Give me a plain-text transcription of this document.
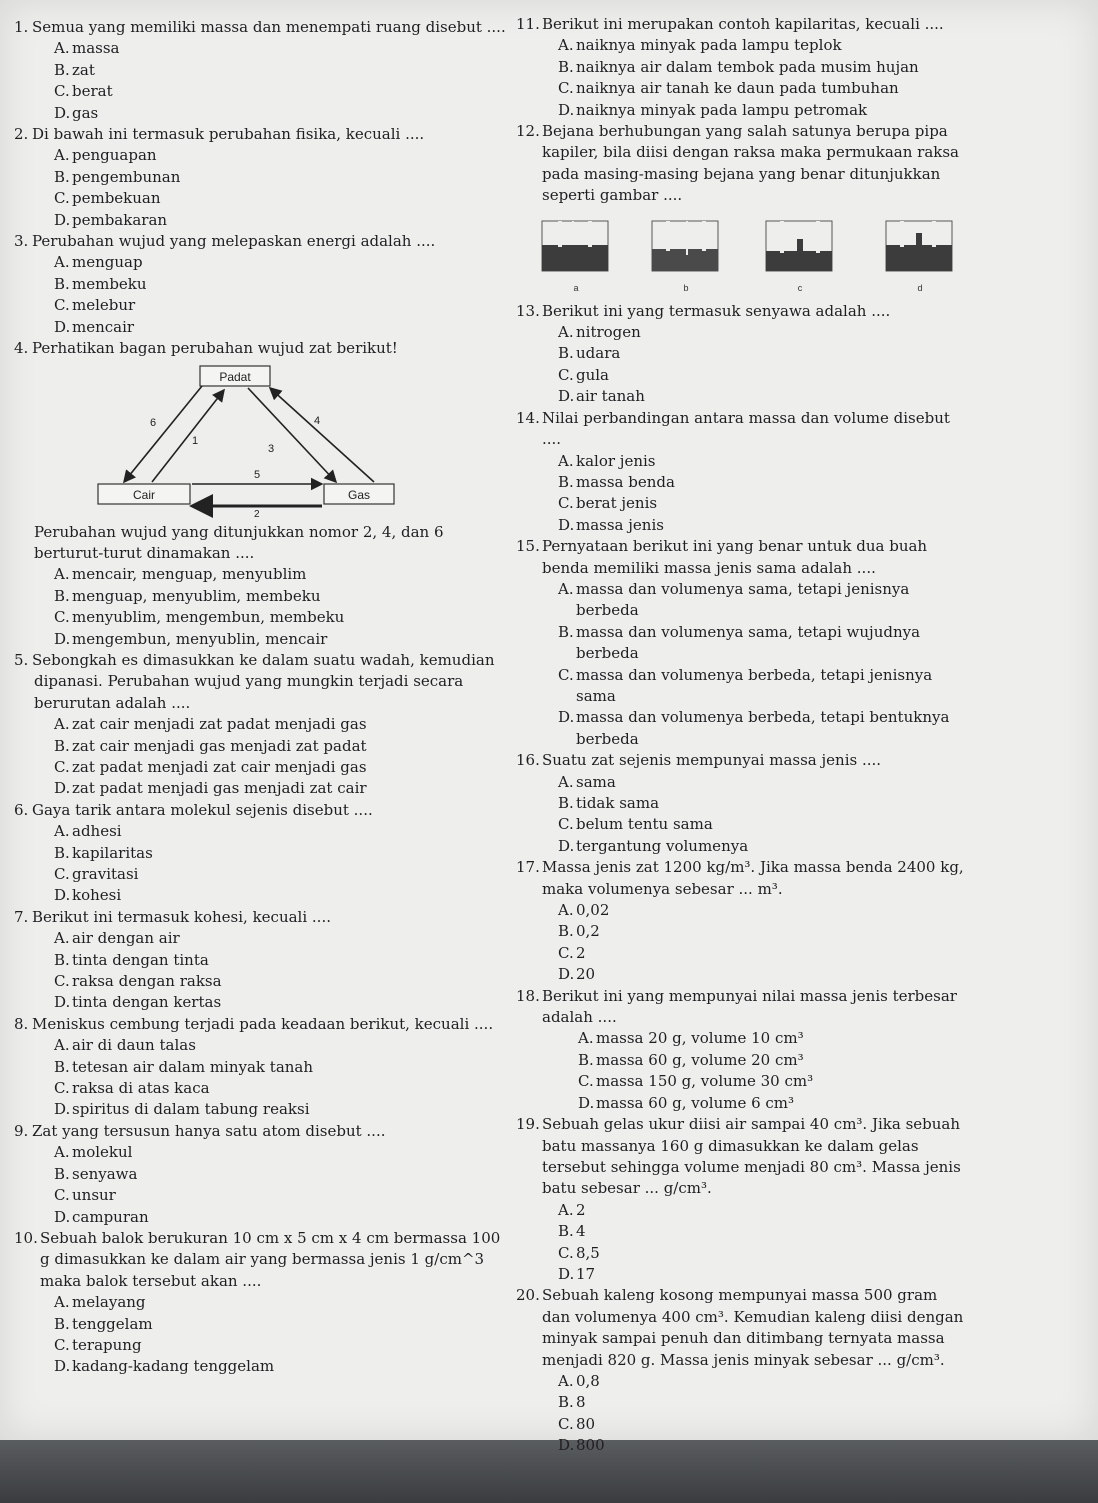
1. Semua yang memiliki massa dan menempati ruang disebut ....
A. massa
B. zat
C. berat
D. gas
2. Di bawah ini termasuk perubahan fisika, kecuali ....
A. penguapan
B. pengembunan
C. pembekuan
D. pembakaran
3. Perubahan wujud yang melepaskan energi adalah ....
A. menguap
B. membeku
C. melebur
D. mencair
4. Perhatikan bagan perubahan wujud zat berikut!
Padat
Cair	Gas
6
1
4
3
5
2
Perubahan wujud yang ditunjukkan nomor 2, 4, dan 6 berturut-turut dinamakan ....
A. mencair, menguap, menyublim
B. menguap, menyublim, membeku
C. menyublim, mengembun, membeku
D. mengembun, menyublin, mencair
5. Sebongkah es dimasukkan ke dalam suatu wadah, kemudian dipanasi. Perubahan wujud yang mungkin terjadi secara berurutan adalah ....
A. zat cair menjadi zat padat menjadi gas
B. zat cair menjadi gas menjadi zat padat
C. zat padat menjadi zat cair menjadi gas
D. zat padat menjadi gas menjadi zat cair
6. Gaya tarik antara molekul sejenis disebut ....
A. adhesi
B. kapilaritas
C. gravitasi
D. kohesi
7. Berikut ini termasuk kohesi, kecuali ....
A. air dengan air
B. tinta dengan tinta
C. raksa dengan raksa
D. tinta dengan kertas
8. Meniskus cembung terjadi pada keadaan berikut, kecuali ....
A. air di daun talas
B. tetesan air dalam minyak tanah
C. raksa di atas kaca
D. spiritus di dalam tabung reaksi
9. Zat yang tersusun hanya satu atom disebut ....
A. molekul
B. senyawa
C. unsur
D. campuran
10. Sebuah balok berukuran 10 cm x 5 cm x 4 cm bermassa 100 g dimasukkan ke dalam air yang bermassa jenis 1 g/cm^3 maka balok tersebut akan ....
A. melayang
B. tenggelam
C. terapung
D. kadang-kadang tenggelam
11. Berikut ini merupakan contoh kapilaritas, kecuali ....
A. naiknya minyak pada lampu teplok
B. naiknya air dalam tembok pada musim hujan
C. naiknya air tanah ke daun pada tumbuhan
D. naiknya minyak pada lampu petromak
12. Bejana berhubungan yang salah satunya berupa pipa kapiler, bila diisi dengan raksa maka permukaan raksa pada masing-masing bejana yang benar ditunjukkan seperti gambar ....
a	b	c	d
13. Berikut ini yang termasuk senyawa adalah ....
A. nitrogen
B. udara
C. gula
D. air tanah
14. Nilai perbandingan antara massa dan volume disebut ....
A. kalor jenis
B. massa benda
C. berat jenis
D. massa jenis
15. Pernyataan berikut ini yang benar untuk dua buah benda memiliki massa jenis sama adalah ....
A. massa dan volumenya sama, tetapi jenisnya berbeda
B. massa dan volumenya sama, tetapi wujudnya berbeda
C. massa dan volumenya berbeda, tetapi jenisnya sama
D. massa dan volumenya berbeda, tetapi bentuknya berbeda
16. Suatu zat sejenis mempunyai massa jenis ....
A. sama
B. tidak sama
C. belum tentu sama
D. tergantung volumenya
17. Massa jenis zat 1200 kg/m³. Jika massa benda 2400 kg, maka volumenya sebesar ... m³.
A. 0,02
B. 0,2
C. 2
D. 20
18. Berikut ini yang mempunyai nilai massa jenis terbesar adalah ....
A. massa 20 g, volume 10 cm³
B. massa 60 g, volume 20 cm³
C. massa 150 g, volume 30 cm³
D. massa 60 g, volume 6 cm³
19. Sebuah gelas ukur diisi air sampai 40 cm³. Jika sebuah batu massanya 160 g dimasukkan ke dalam gelas tersebut sehingga volume menjadi 80 cm³. Massa jenis batu sebesar ... g/cm³.
A. 2
B. 4
C. 8,5
D. 17
20. Sebuah kaleng kosong mempunyai massa 500 gram dan volumenya 400 cm³. Kemudian kaleng diisi dengan minyak sampai penuh dan ditimbang ternyata massa menjadi 820 g. Massa jenis minyak sebesar ... g/cm³.
A. 0,8
B. 8
C. 80
D. 800
